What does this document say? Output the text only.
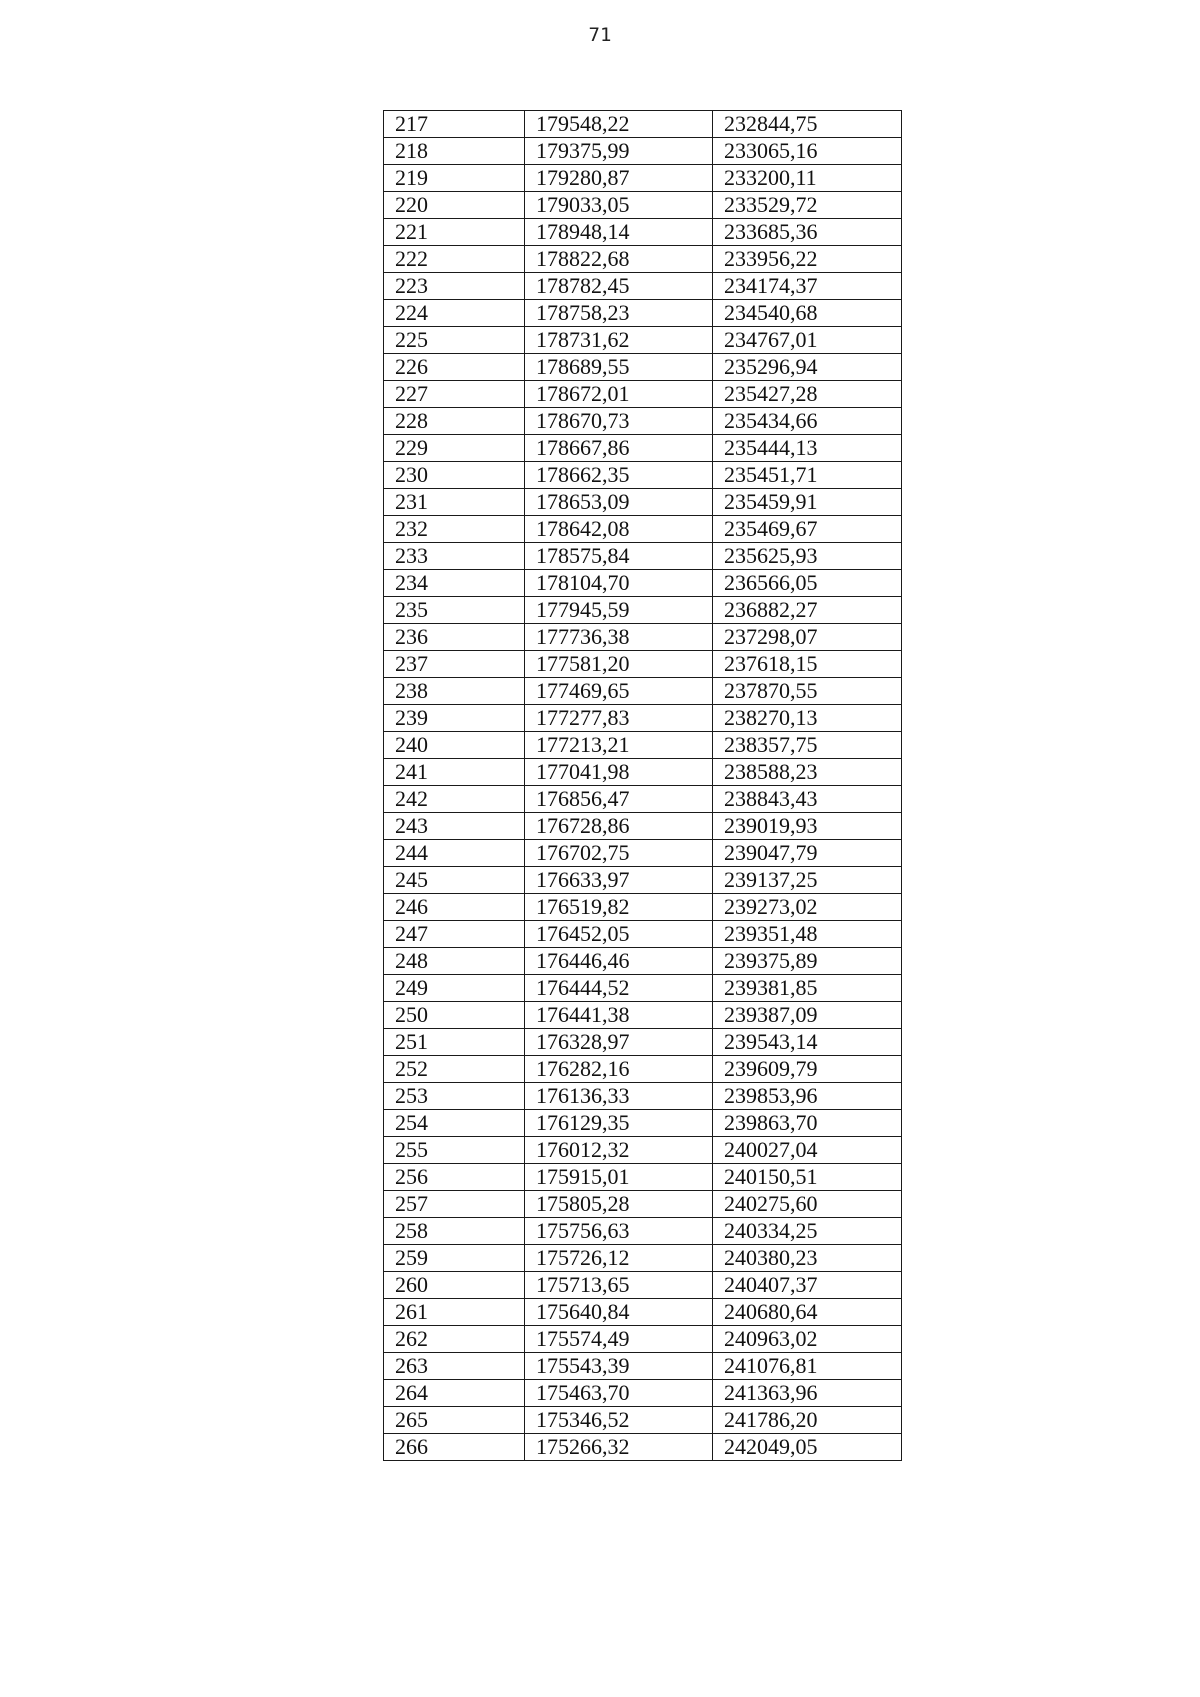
71
217	179548,22	232844,75
218	179375,99	233065,16
219	179280,87	233200,11
220	179033,05	233529,72
221	178948,14	233685,36
222	178822,68	233956,22
223	178782,45	234174,37
224	178758,23	234540,68
225	178731,62	234767,01
226	178689,55	235296,94
227	178672,01	235427,28
228	178670,73	235434,66
229	178667,86	235444,13
230	178662,35	235451,71
231	178653,09	235459,91
232	178642,08	235469,67
233	178575,84	235625,93
234	178104,70	236566,05
235	177945,59	236882,27
236	177736,38	237298,07
237	177581,20	237618,15
238	177469,65	237870,55
239	177277,83	238270,13
240	177213,21	238357,75
241	177041,98	238588,23
242	176856,47	238843,43
243	176728,86	239019,93
244	176702,75	239047,79
245	176633,97	239137,25
246	176519,82	239273,02
247	176452,05	239351,48
248	176446,46	239375,89
249	176444,52	239381,85
250	176441,38	239387,09
251	176328,97	239543,14
252	176282,16	239609,79
253	176136,33	239853,96
254	176129,35	239863,70
255	176012,32	240027,04
256	175915,01	240150,51
257	175805,28	240275,60
258	175756,63	240334,25
259	175726,12	240380,23
260	175713,65	240407,37
261	175640,84	240680,64
262	175574,49	240963,02
263	175543,39	241076,81
264	175463,70	241363,96
265	175346,52	241786,20
266	175266,32	242049,05
